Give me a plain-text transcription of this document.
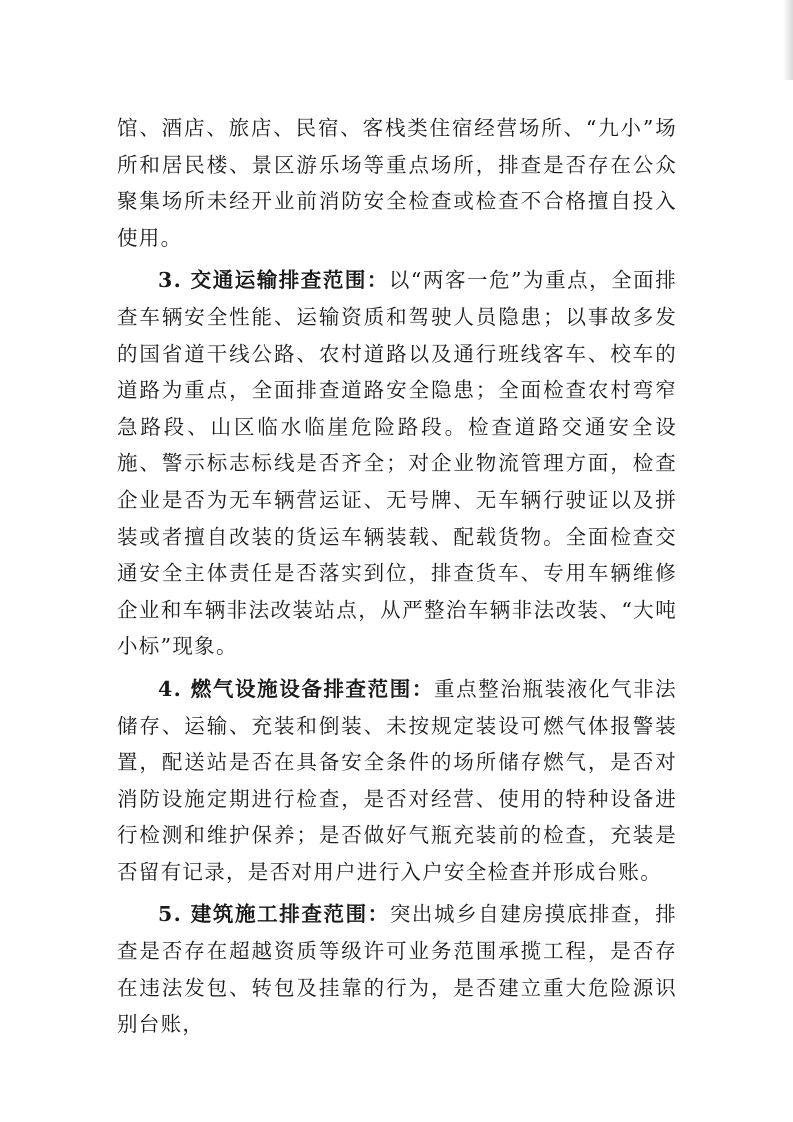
馆、酒店、旅店、民宿、客栈类住宿经营场所、“九小”场所和居民楼、景区游乐场等重点场所，排查是否存在公众聚集场所未经开业前消防安全检查或检查不合格擅自投入使用。

3. 交通运输排查范围：以“两客一危”为重点，全面排查车辆安全性能、运输资质和驾驶人员隐患；以事故多发的国省道干线公路、农村道路以及通行班线客车、校车的道路为重点，全面排查道路安全隐患；全面检查农村弯窄急路段、山区临水临崖危险路段。检查道路交通安全设施、警示标志标线是否齐全；对企业物流管理方面，检查企业是否为无车辆营运证、无号牌、无车辆行驶证以及拼装或者擅自改装的货运车辆装载、配载货物。全面检查交通安全主体责任是否落实到位，排查货车、专用车辆维修企业和车辆非法改装站点，从严整治车辆非法改装、“大吨小标”现象。

4. 燃气设施设备排查范围：重点整治瓶装液化气非法储存、运输、充装和倒装、未按规定装设可燃气体报警装置，配送站是否在具备安全条件的场所储存燃气，是否对消防设施定期进行检查，是否对经营、使用的特种设备进行检测和维护保养；是否做好气瓶充装前的检查，充装是否留有记录，是否对用户进行入户安全检查并形成台账。

5. 建筑施工排查范围：突出城乡自建房摸底排查，排查是否存在超越资质等级许可业务范围承揽工程，是否存在违法发包、转包及挂靠的行为，是否建立重大危险源识别台账，
